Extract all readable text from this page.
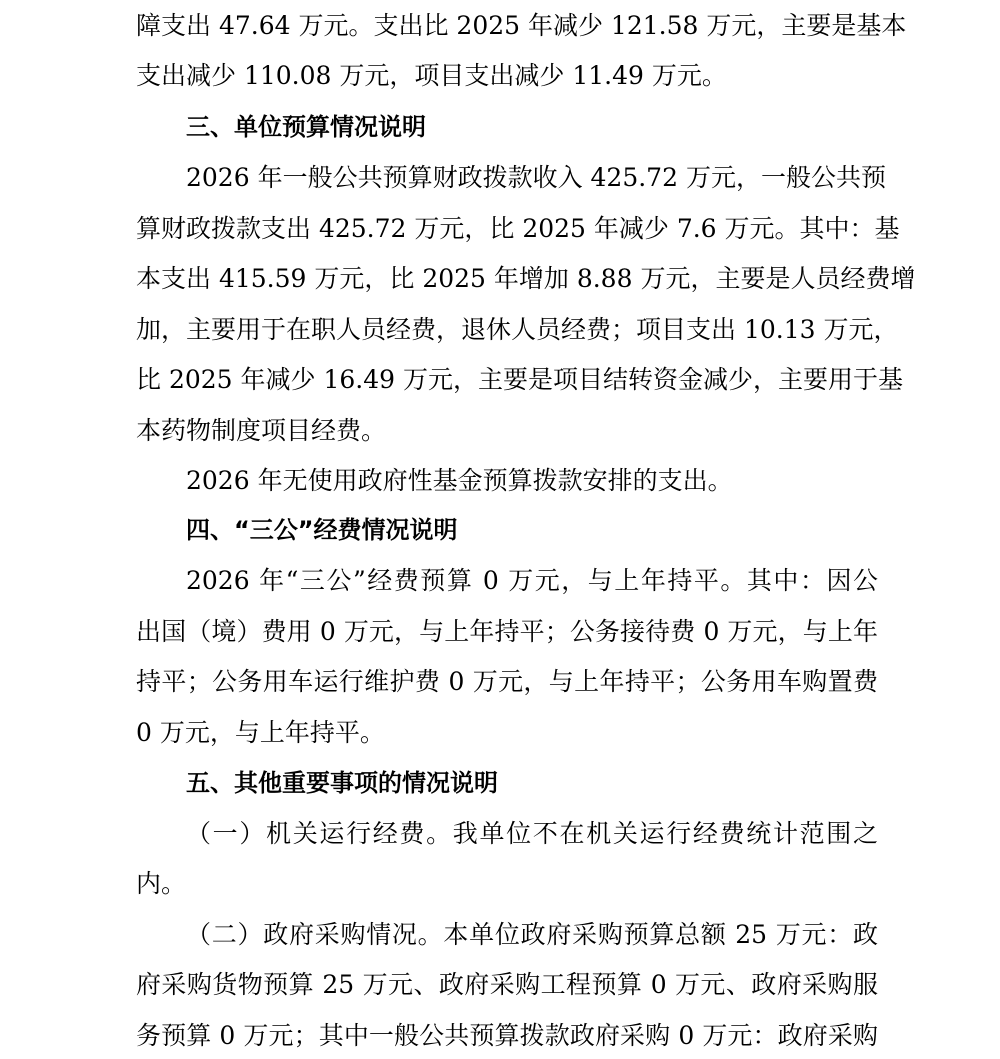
障支出 47.64 万元。支出比 2025 年减少 121.58 万元，主要是基本
支出减少 110.08 万元，项目支出减少 11.49 万元。
三、单位预算情况说明
2026 年一般公共预算财政拨款收入 425.72 万元，一般公共预
算财政拨款支出 425.72 万元，比 2025 年减少 7.6 万元。其中：基
本支出 415.59 万元，比 2025 年增加 8.88 万元，主要是人员经费增
加，主要用于在职人员经费，退休人员经费；项目支出 10.13 万元，
比 2025 年减少 16.49 万元，主要是项目结转资金减少，主要用于基
本药物制度项目经费。
2026 年无使用政府性基金预算拨款安排的支出。
四、“三公”经费情况说明
2026 年“三公”经费预算 0 万元，与上年持平。其中：因公
出国（境）费用 0 万元，与上年持平；公务接待费 0 万元，与上年
持平；公务用车运行维护费 0 万元，与上年持平；公务用车购置费
0 万元，与上年持平。
五、其他重要事项的情况说明
（一）机关运行经费。我单位不在机关运行经费统计范围之
内。
（二）政府采购情况。本单位政府采购预算总额 25 万元：政
府采购货物预算 25 万元、政府采购工程预算 0 万元、政府采购服
务预算 0 万元；其中一般公共预算拨款政府采购 0 万元：政府采购
